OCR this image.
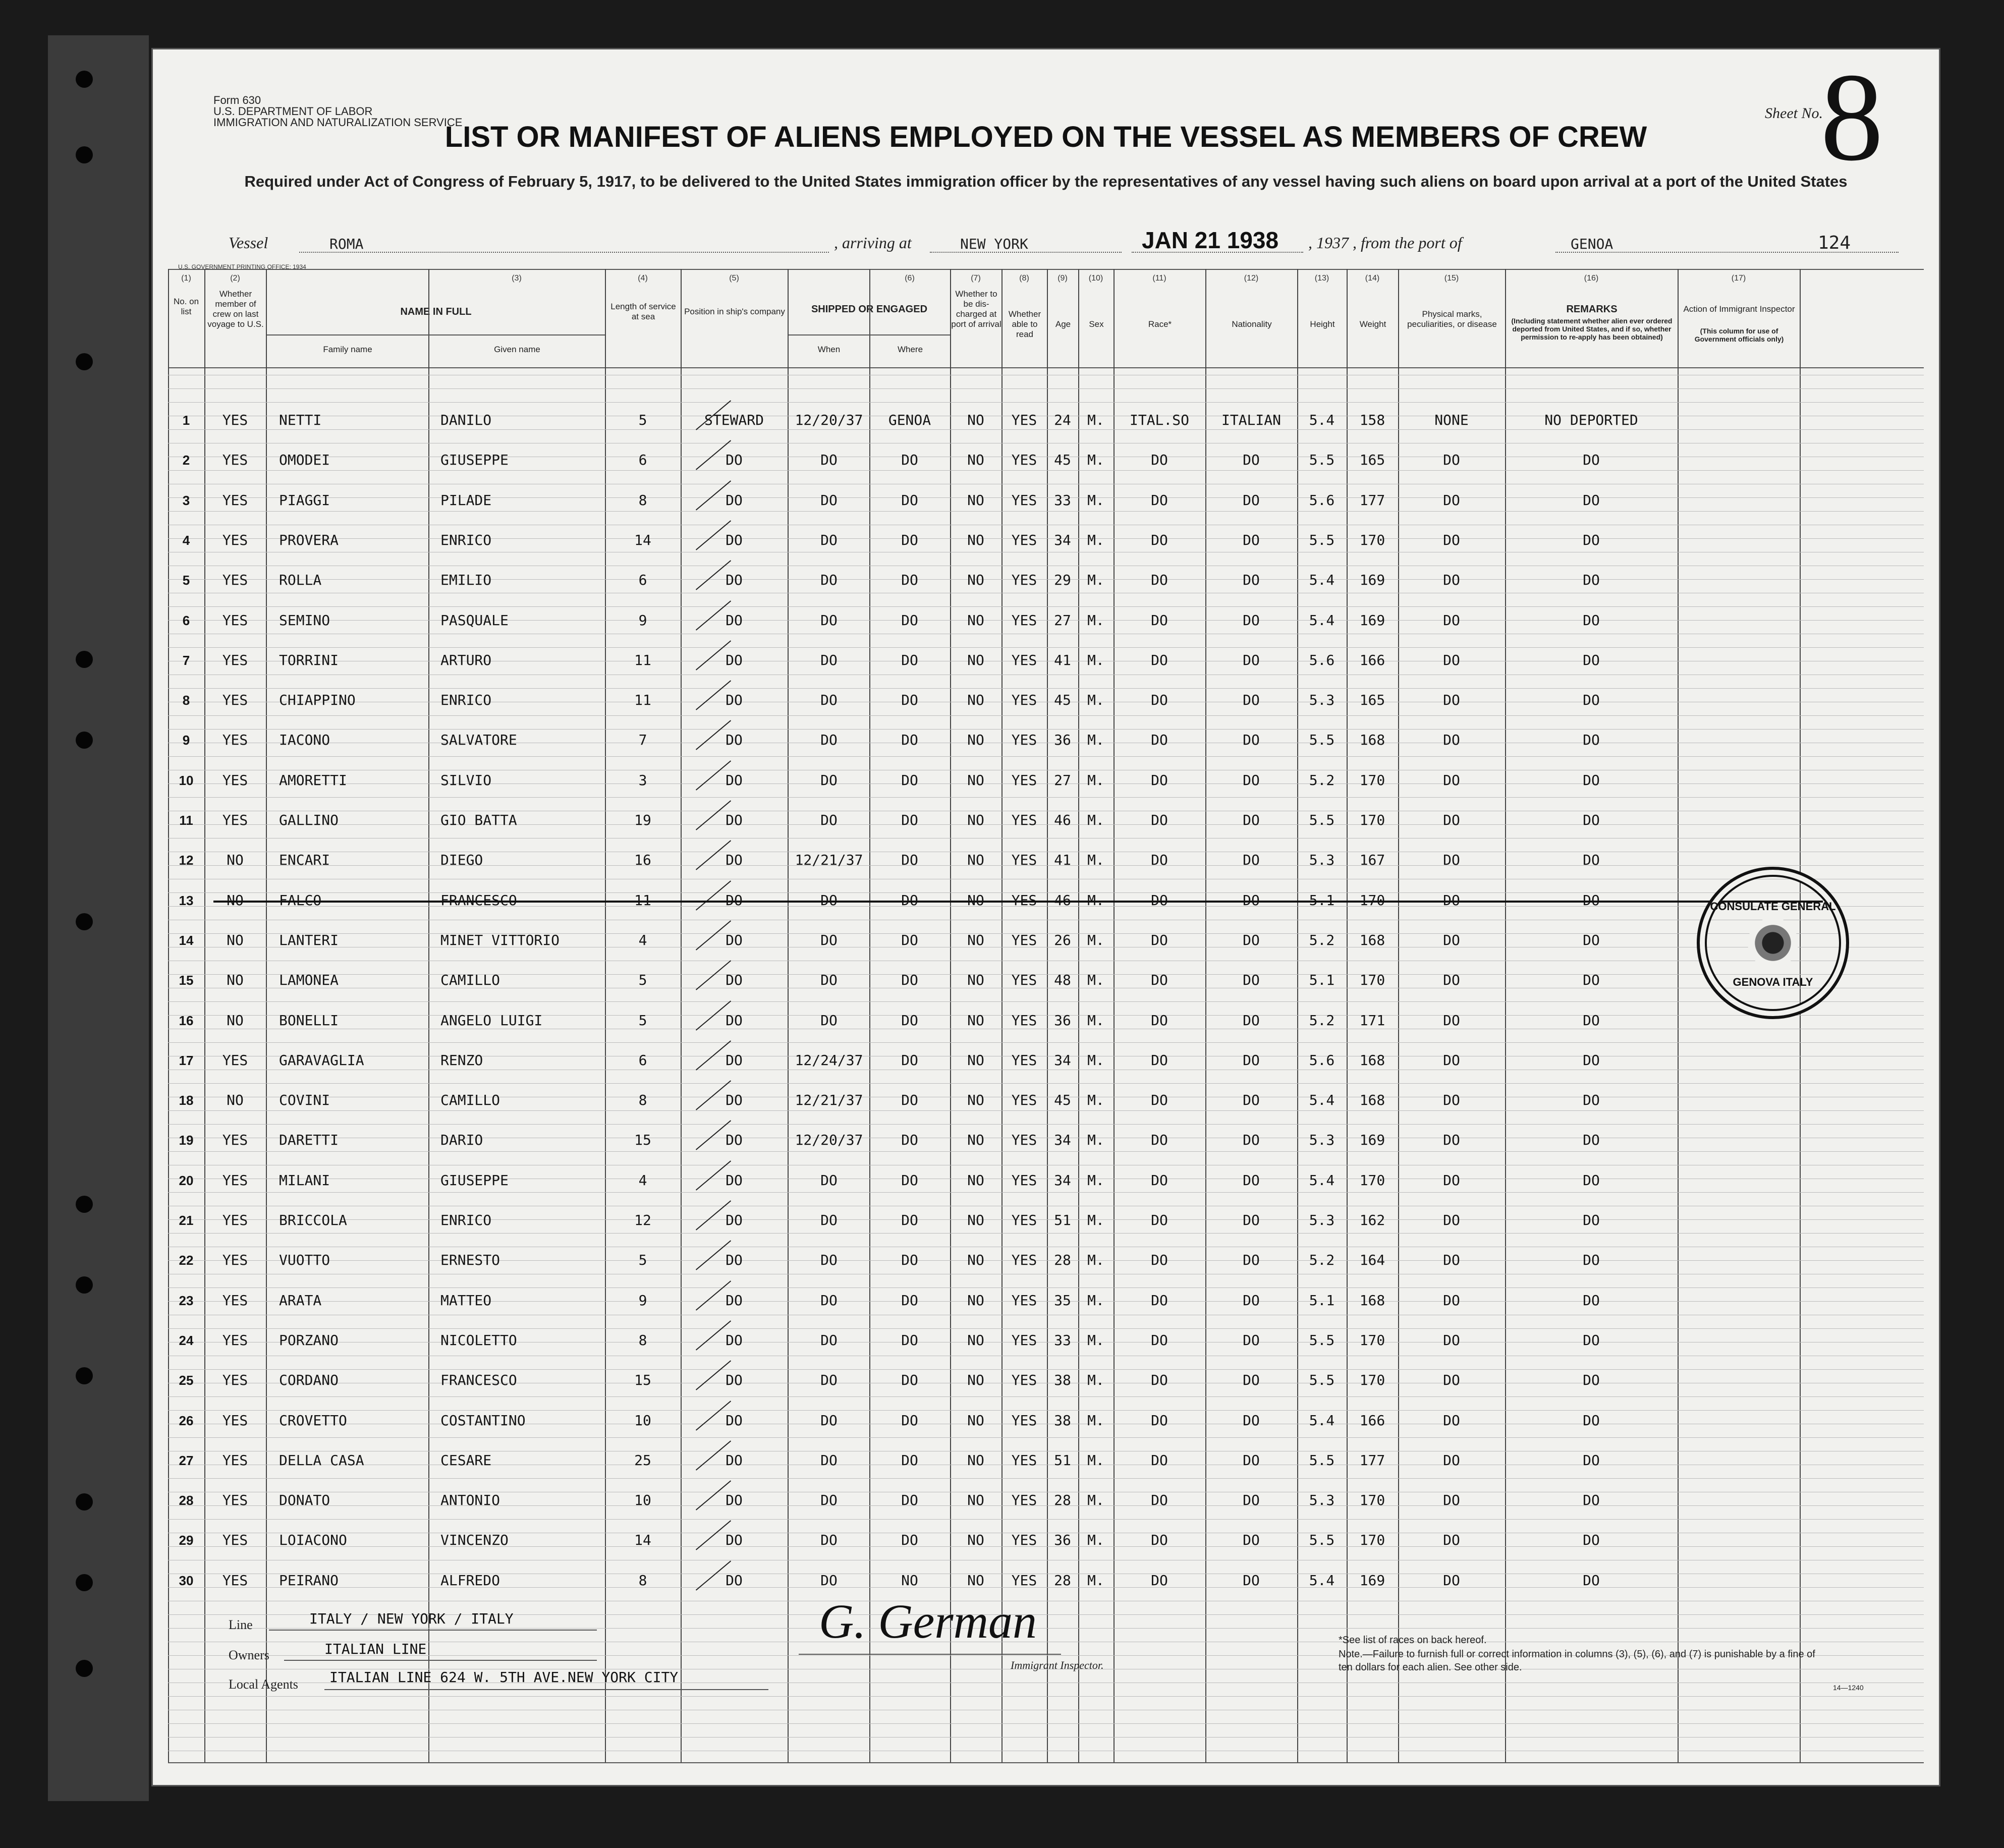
Form 630
U.S. DEPARTMENT OF LABOR
IMMIGRATION AND NATURALIZATION SERVICE
Sheet No.
8
LIST OR MANIFEST OF ALIENS EMPLOYED ON THE VESSEL AS MEMBERS OF CREW
Required under Act of Congress of February 5, 1917, to be delivered to the United States immigration officer by the representatives of any vessel having such aliens on board upon arrival at a port of the United States
Vessel	ROMA	, arriving at	NEW YORK	JAN 21 1938 , 1937 , from the port of	GENOA	124
U.S. GOVERNMENT PRINTING OFFICE: 1934
No. on list
Whether member of crew on last voyage to U.S.
NAME IN FULL
Family name	Given name
Length of service at sea
Position in ship's company	SHIPPED OR ENGAGED
When	Where
Whether to be dis-charged at port of arrival
Whether able to read
Age	Sex	Race*	Nationality	Height	Weight
Physical marks, peculiarities, or disease
REMARKS
(Including statement whether alien ever ordered deported from United States, and if so, whether permission to re-apply has been obtained)
Action of Immigrant Inspector
(This column for use of Government officials only)
(1)	(2)	(3)	(4)	(5)	(6)	(7)	(8)	(9)	(10)	(11)	(12)	(13)	(14)	(15)	(16)	(17)
1	YES	NETTI	DANILO	5	STEWARD	12/20/37	GENOA	NO	YES	24	M.	ITAL.SO	ITALIAN	5.4	158	NONE	NO DEPORTED
2	YES	OMODEI	GIUSEPPE	6	DO	DO	DO	NO	YES	45	M.	DO	DO	5.5	165	DO	DO
3	YES	PIAGGI	PILADE	8	DO	DO	DO	NO	YES	33	M.	DO	DO	5.6	177	DO	DO
4	YES	PROVERA	ENRICO	14	DO	DO	DO	NO	YES	34	M.	DO	DO	5.5	170	DO	DO
5	YES	ROLLA	EMILIO	6	DO	DO	DO	NO	YES	29	M.	DO	DO	5.4	169	DO	DO
6	YES	SEMINO	PASQUALE	9	DO	DO	DO	NO	YES	27	M.	DO	DO	5.4	169	DO	DO
7	YES	TORRINI	ARTURO	11	DO	DO	DO	NO	YES	41	M.	DO	DO	5.6	166	DO	DO
8	YES	CHIAPPINO	ENRICO	11	DO	DO	DO	NO	YES	45	M.	DO	DO	5.3	165	DO	DO
9	YES	IACONO	SALVATORE	7	DO	DO	DO	NO	YES	36	M.	DO	DO	5.5	168	DO	DO
10	YES	AMORETTI	SILVIO	3	DO	DO	DO	NO	YES	27	M.	DO	DO	5.2	170	DO	DO
11	YES	GALLINO	GIO BATTA	19	DO	DO	DO	NO	YES	46	M.	DO	DO	5.5	170	DO	DO
12	NO	ENCARI	DIEGO	16	DO	12/21/37	DO	NO	YES	41	M.	DO	DO	5.3	167	DO	DO
13	NO	FALCO	FRANCESCO	11	DO	DO	DO	NO	YES	46	M.	DO	DO	5.1	170	DO	DO
14	NO	LANTERI	MINET VITTORIO	4	DO	DO	DO	NO	YES	26	M.	DO	DO	5.2	168	DO	DO
15	NO	LAMONEA	CAMILLO	5	DO	DO	DO	NO	YES	48	M.	DO	DO	5.1	170	DO	DO
16	NO	BONELLI	ANGELO LUIGI	5	DO	DO	DO	NO	YES	36	M.	DO	DO	5.2	171	DO	DO
17	YES	GARAVAGLIA	RENZO	6	DO	12/24/37	DO	NO	YES	34	M.	DO	DO	5.6	168	DO	DO
18	NO	COVINI	CAMILLO	8	DO	12/21/37	DO	NO	YES	45	M.	DO	DO	5.4	168	DO	DO
19	YES	DARETTI	DARIO	15	DO	12/20/37	DO	NO	YES	34	M.	DO	DO	5.3	169	DO	DO
20	YES	MILANI	GIUSEPPE	4	DO	DO	DO	NO	YES	34	M.	DO	DO	5.4	170	DO	DO
21	YES	BRICCOLA	ENRICO	12	DO	DO	DO	NO	YES	51	M.	DO	DO	5.3	162	DO	DO
22	YES	VUOTTO	ERNESTO	5	DO	DO	DO	NO	YES	28	M.	DO	DO	5.2	164	DO	DO
23	YES	ARATA	MATTEO	9	DO	DO	DO	NO	YES	35	M.	DO	DO	5.1	168	DO	DO
24	YES	PORZANO	NICOLETTO	8	DO	DO	DO	NO	YES	33	M.	DO	DO	5.5	170	DO	DO
25	YES	CORDANO	FRANCESCO	15	DO	DO	DO	NO	YES	38	M.	DO	DO	5.5	170	DO	DO
26	YES	CROVETTO	COSTANTINO	10	DO	DO	DO	NO	YES	38	M.	DO	DO	5.4	166	DO	DO
27	YES	DELLA CASA	CESARE	25	DO	DO	DO	NO	YES	51	M.	DO	DO	5.5	177	DO	DO
28	YES	DONATO	ANTONIO	10	DO	DO	DO	NO	YES	28	M.	DO	DO	5.3	170	DO	DO
29	YES	LOIACONO	VINCENZO	14	DO	DO	DO	NO	YES	36	M.	DO	DO	5.5	170	DO	DO
30	YES	PEIRANO	ALFREDO	8	DO	DO	NO	NO	YES	28	M.	DO	DO	5.4	169	DO	DO
Line	ITALY / NEW YORK / ITALY
Owners	ITALIAN LINE
Local Agents ITALIAN LINE 624 W. 5TH AVE.NEW YORK CITY
G. German
Immigrant Inspector.
*See list of races on back hereof.
Note.—Failure to furnish full or correct information in columns (3), (5), (6), and (7) is punishable by a fine of ten dollars for each alien. See other side.
14—1240
CONSULATE GENERAL
GENOVA ITALY
